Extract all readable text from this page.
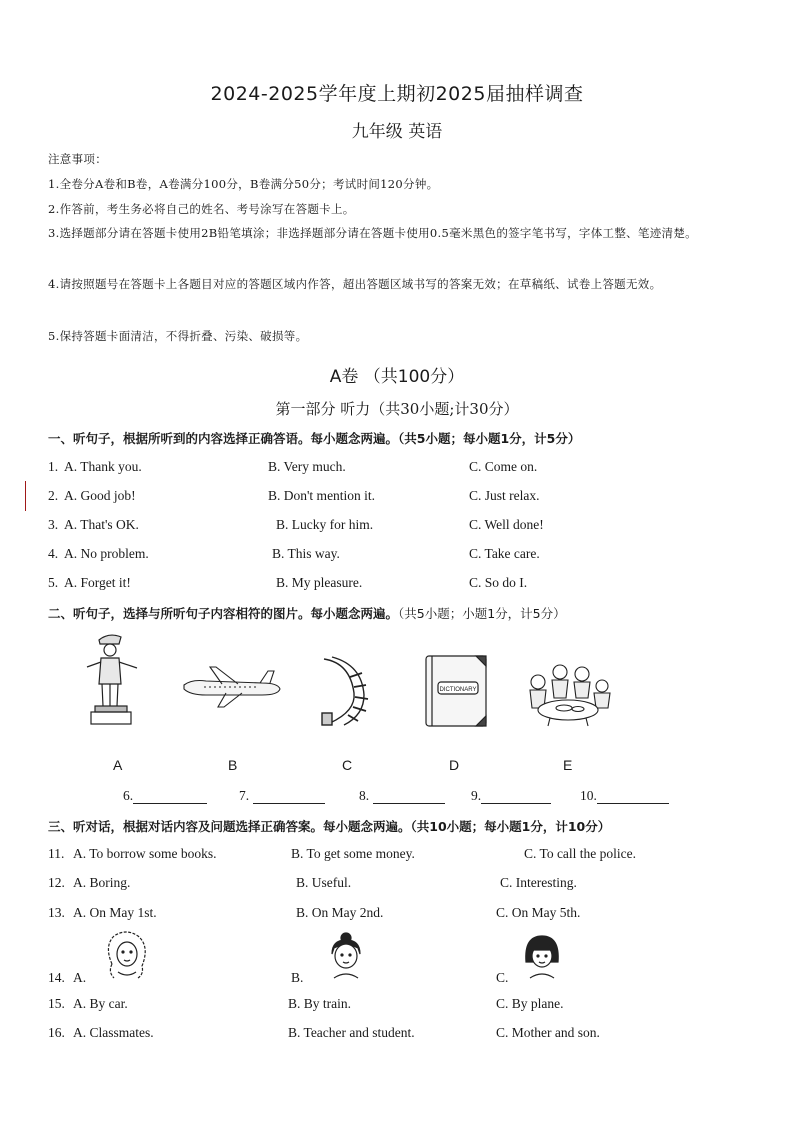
2024-2025学年度上期初2025届抽样调查
九年级 英语
注意事项：
1.全卷分A卷和B卷，A卷满分100分，B卷满分50分；考试时间120分钟。
2.作答前，考生务必将自己的姓名、考号涂写在答题卡上。
3.选择题部分请在答题卡使用2B铅笔填涂；非选择题部分请在答题卡使用0.5毫米黑色的签字笔书写，字体工整、笔迹清楚。
4.请按照题号在答题卡上各题目对应的答题区域内作答，超出答题区域书写的答案无效；在草稿纸、试卷上答题无效。
5.保持答题卡面清洁，不得折叠、污染、破损等。
A卷 （共100分）
第一部分 听力（共30小题;计30分）
一、听句子，根据所听到的内容选择正确答语。每小题念两遍。（共5小题；每小题1分，计5分）
1. A. Thank you.	B. Very much.	C. Come on.
2. A. Good job!	B. Don't mention it.	C. Just relax.
3. A. That's OK.	B. Lucky for him.	C. Well done!
4. A. No problem.	B. This way.	C. Take care.
5. A. Forget it!	B. My pleasure.	C. So do I.
二、听句子，选择与所听句子内容相符的图片。每小题念两遍。（共5小题；小题1分，计5分）
DICTIONARY
A	B	C	D	E
6.	7.	8.	9.	10.
三、听对话，根据对话内容及问题选择正确答案。每小题念两遍。（共10小题；每小题1分，计10分）
11. A. To borrow some books.	B. To get some money.	C. To call the police.
12. A. Boring.	B. Useful.	C. Interesting.
13. A. On May 1st.	B. On May 2nd.	C. On May 5th.
14. A.	B.	C.
15. A. By car.	B. By train.	C. By plane.
16. A. Classmates.	B. Teacher and student.	C. Mother and son.
